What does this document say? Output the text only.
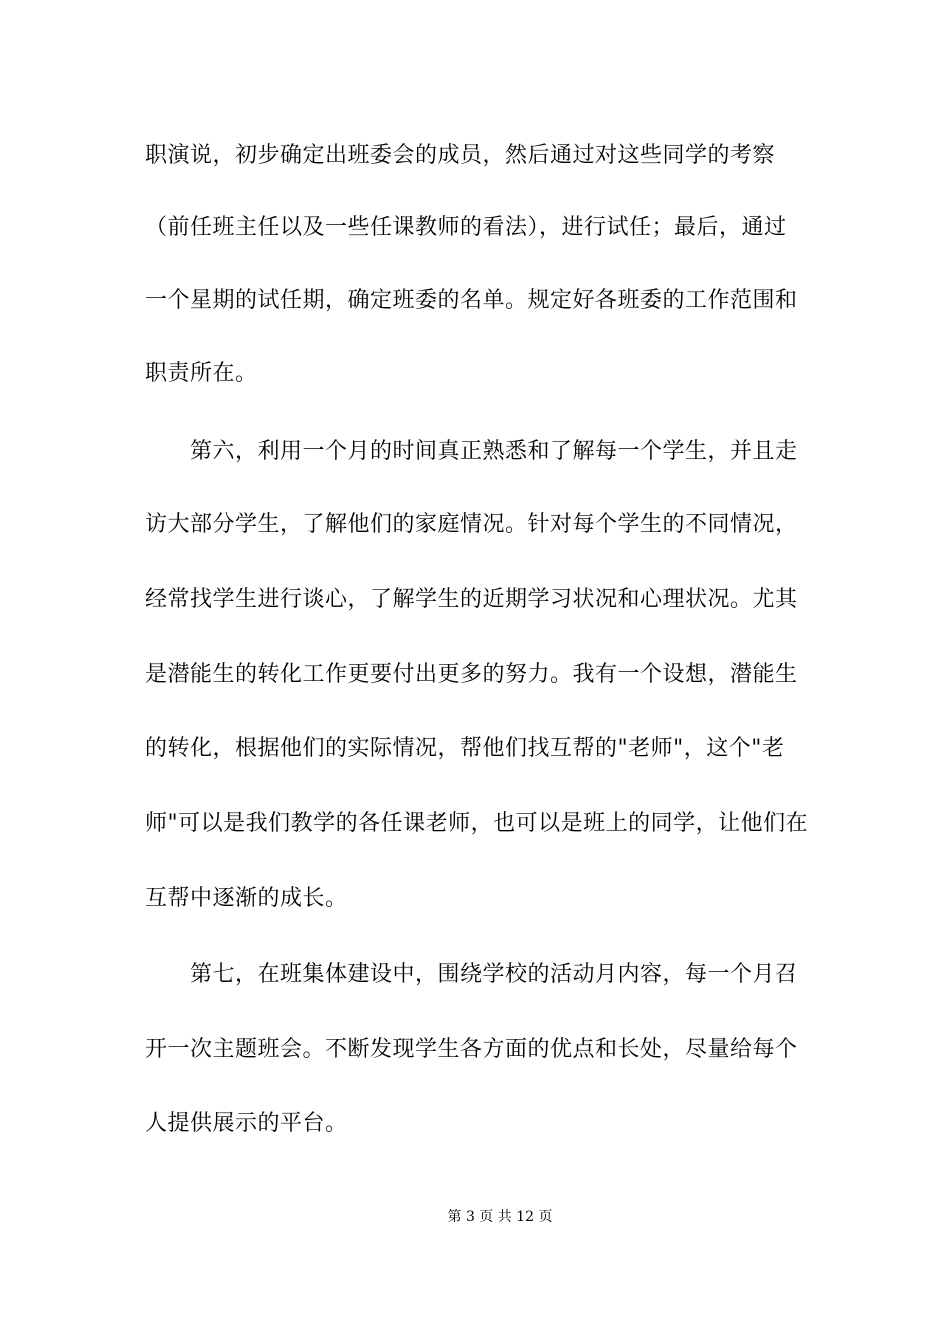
职演说，初步确定出班委会的成员，然后通过对这些同学的考察
（前任班主任以及一些任课教师的看法），进行试任；最后，通过
一个星期的试任期，确定班委的名单。规定好各班委的工作范围和
职责所在。
　　第六，利用一个月的时间真正熟悉和了解每一个学生，并且走
访大部分学生，了解他们的家庭情况。针对每个学生的不同情况，
经常找学生进行谈心，了解学生的近期学习状况和心理状况。尤其
是潜能生的转化工作更要付出更多的努力。我有一个设想，潜能生
的转化，根据他们的实际情况，帮他们找互帮的"老师"，这个"老
师"可以是我们教学的各任课老师，也可以是班上的同学，让他们在
互帮中逐渐的成长。
　　第七，在班集体建设中，围绕学校的活动月内容，每一个月召
开一次主题班会。不断发现学生各方面的优点和长处，尽量给每个
人提供展示的平台。
第 3 页 共 12 页
